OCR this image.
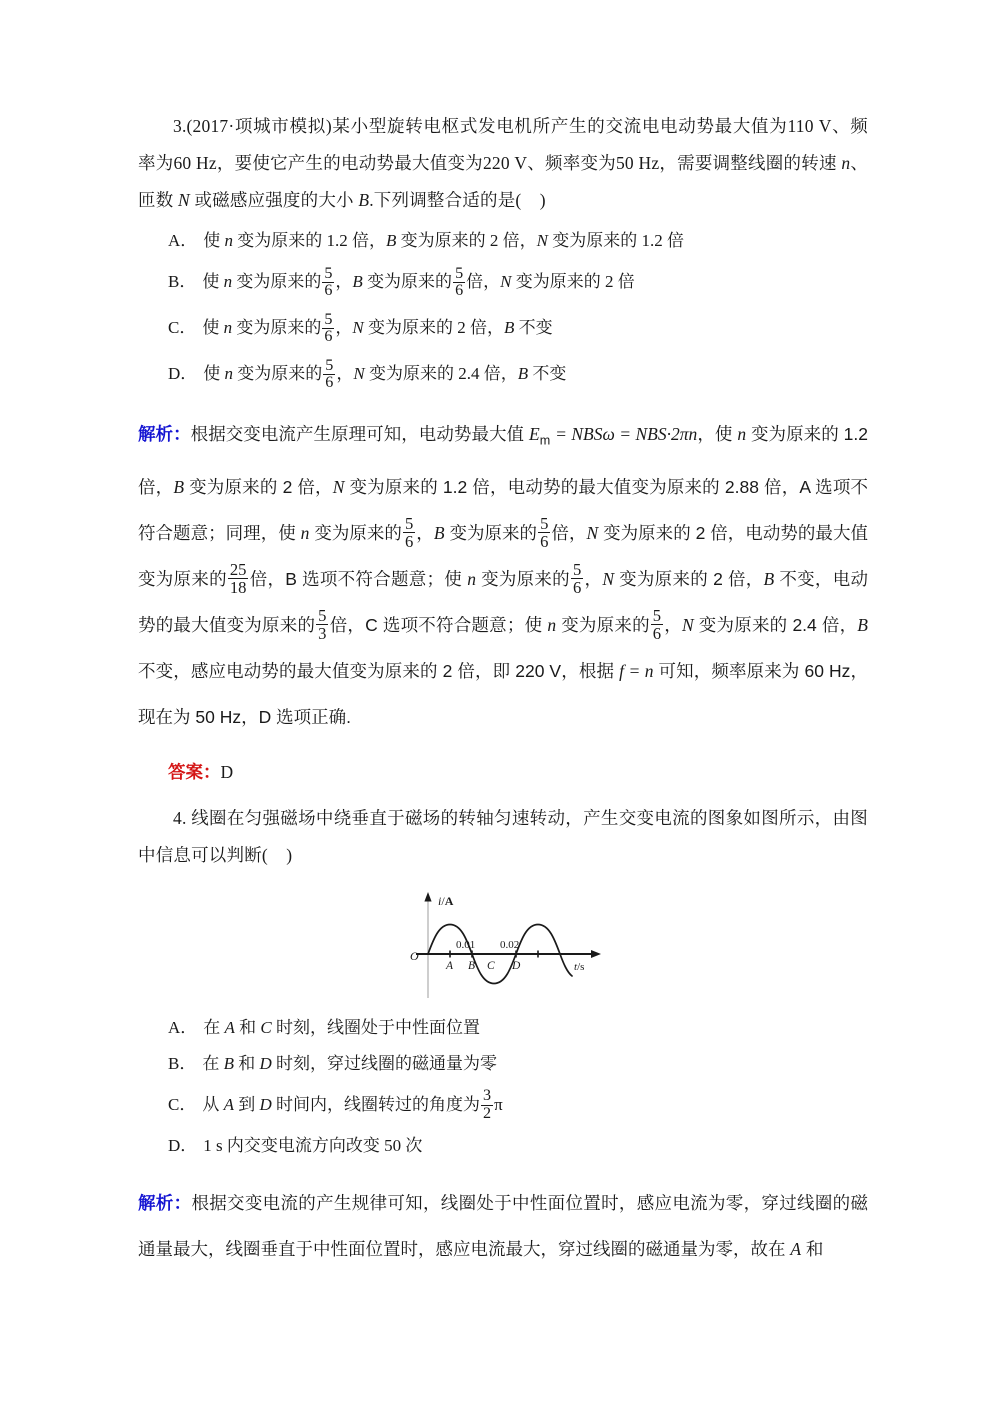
3.(2017·项城市模拟)某小型旋转电枢式发电机所产生的交流电电动势最大值为110 V、频率为60 Hz，要使它产生的电动势最大值变为220 V、频率变为50 Hz，需要调整线圈的转速 n、匝数 N 或磁感应强度的大小 B.下列调整合适的是( )
A． 使 n 变为原来的 1.2 倍，B 变为原来的 2 倍，N 变为原来的 1.2 倍
B． 使 n 变为原来的 $\frac{5}{6}$ ，B 变为原来的 $\frac{5}{6}$ 倍，N 变为原来的 2 倍
C． 使 n 变为原来的 $\frac{5}{6}$ ，N 变为原来的 2 倍，B 不变
D． 使 n 变为原来的 $\frac{5}{6}$ ，N 变为原来的 2.4 倍，B 不变
解析：根据交变电流产生原理可知，电动势最大值 $E_m = NBS\omega = NBS\cdot 2\pi n$，使 n 变为原来的 1.2 倍，B 变为原来的 2 倍，N 变为原来的 1.2 倍，电动势的最大值变为原来的 2.88 倍，A 选项不符合题意；同理，使 n 变为原来的 $\frac{5}{6}$ ，B 变为原来的 $\frac{5}{6}$ 倍，N 变为原来的 2 倍，电动势的最大值变为原来的 $\frac{25}{18}$ 倍，B 选项不符合题意；使 n 变为原来的 $\frac{5}{6}$ ，N 变为原来的 2 倍，B 不变，电动势的最大值变为原来的 $\frac{5}{3}$ 倍，C 选项不符合题意；使 n 变为原来的 $\frac{5}{6}$ ，N 变为原来的 2.4 倍，B 不变，感应电动势的最大值变为原来的 2 倍，即 220 V，根据 f = n 可知，频率原来为 60 Hz，现在为 50 Hz，D 选项正确.
答案：D
4. 线圈在匀强磁场中绕垂直于磁场的转轴匀速转动，产生交变电流的图象如图所示，由图中信息可以判断( )
O
i/A
t/s
0.01 0.02
A B C D
A． 在 A 和 C 时刻，线圈处于中性面位置
B． 在 B 和 D 时刻，穿过线圈的磁通量为零
C． 从 A 到 D 时间内，线圈转过的角度为 $\frac{3}{2}$ π
D． 1 s 内交变电流方向改变 50 次
解析：根据交变电流的产生规律可知，线圈处于中性面位置时，感应电流为零，穿过线圈的磁通量最大，线圈垂直于中性面位置时，感应电流最大，穿过线圈的磁通量为零，故在 A 和
